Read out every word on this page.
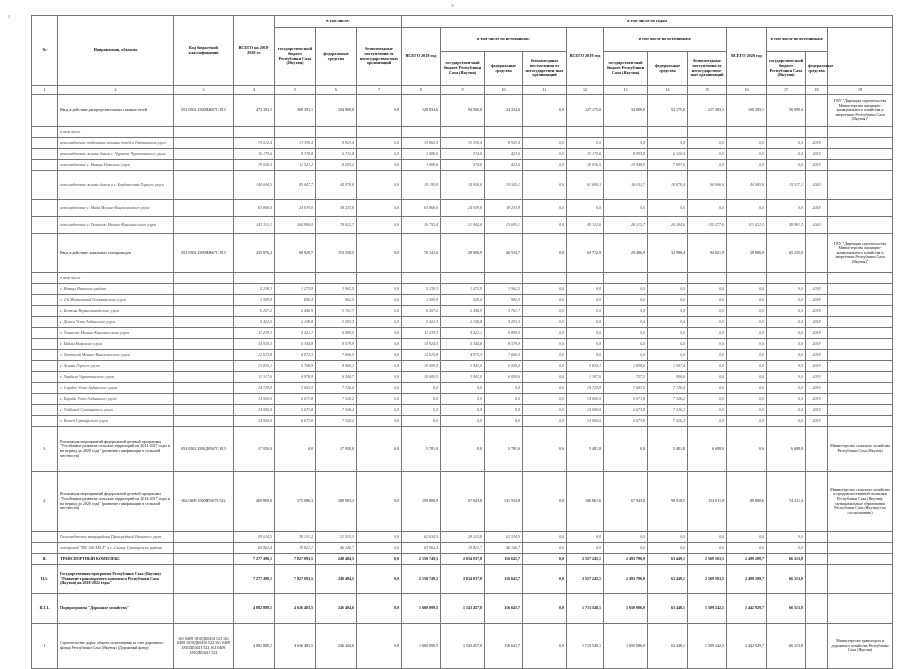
5
1
№	Направления, объекты	Код бюджетной классификации	ВСЕГО на 2018-2020 гг.	в том числе:			в том числе по годам		
				государствен-ный бюджет Республики Саха (Якутия)	федеральные средства	безвозмездные поступления от негосударствен-ных организаций	ВСЕГО 2018 год	в том числе по источникам:			ВСЕГО 2019 год	в том числе по источникам:			ВСЕГО 2020 год	в том числе по источникам:			
								государствен-ный бюджет Республики Саха (Якутия)	федеральные средства	безвозмездные поступления от негосударствен-ных организаций		государствен-ный бюджет Республики Саха (Якутия)	федеральные средства	безвозмездные поступления от негосударствен-ных организаций		государствен-ный бюджет Республики Саха (Якутия)	федеральные средства		
1	2	3	4	5	6	7	8	9	10	11	12	13	14	15	16	17	18	19	
	Ввод в действие распределительных газовых сетей	052 0502 2500НЖ67С 813	473 393,1	369 393,1	104 000,0	0,0	128 834,6	94 500,0	34 334,6	0,0	127 175,0	34 000,0	53 175,0	217 383,5	160 393,1	56 990,4		ГКУ "Дирекция строительства Министерства жилищно-коммунального хозяйства и энергетики Республики Саха (Якутия)"	
	в том числе																		
	газоснабжение отдельных газовых сетей в Таттинском улусе		75 012,4	13 330,4	8 923,4	0,0	15 862,5	13 330,4	8 923,4	0,0	0,0	0,0	0,0	0,0	0,0	0,0	2018		
	газоснабжение жилых домов с. Чурапча Чурапчинского улуса		16 179,6	9 378,8	6 731,8	0,0	1 088,6	574,6	423,6	0,0	15 179,6	8 895,8	6 326,0	0,0	0,0	0,0	2019		
	газоснабжение с. Намцы Намского улуса		19 036,5	11 523,2	8 293,2	0,0	1 088,6	574,6	423,6	0,0	18 036,5	10 948,9	7 697,6	0,0	0,0	0,0	2019		
	газоснабжение жилых домов в с. Бердигестях Горного улуса		140 694,3	85 047,7	44 978,8	0,0	19 159,9	14 950,6	10 343,1	0,0	61 099,3	36 011,7	18 878,4	60 906,0	44 085,8	15 517,1	2020		
	газоснабжение с. Майя Мегино-Кангаласского улуса		63 868,0	24 639,8	38 253,8	0,0	63 868,0	24 639,8	38 253,8	0,0	0,0	0,0	0,0	0,0	0,0	0,0	2018		
	газоснабжение с. Тюнгюлю Мегино-Кангаласского улуса		243 311,1	164 990,0	78 921,7	0,0	16 755,4	21 942,0	15 693,1	0,0	49 312,6	28 215,7	20 294,6	135 277,6	113 412,3	48 981,3	2020		
	Ввод в действие локальных газопроводов	052 0502 2500НЖ67С 813	233 876,2	80 929,7	153 258,5	0,0	76 141,6	29 606,9	46 534,7	0,0	63 712,9	29 486,9	32 986,4	94 021,9	28 886,9	65 235,0		ГКУ "Дирекция строительства Министерства жилищно-коммунального хозяйства и энергетики Республики Саха (Якутия)"	
	в том числе																		
	с. Намцы Намского района		5 238,3	1 275,9	3 962,5	0,0	5 238,3	1 275,9	3 962,5	0,0	0,0	0,0	0,0	0,0	0,0	0,0	2018		
	с. 2-й Жемконский Олекминского улуса		1 509,9	856,4	962,5	0,0	1 509,9	626,4	983,5	0,0	0,0	0,0	0,0	0,0	0,0	0,0	2018		
	с. Бетюнь Верхневилюйского улуса		6 257,2	2 446,9	3 761,7	0,0	6 207,2	2 446,9	3 761,7	0,0	0,0	0,0	0,0	0,0	0,0	0,0	2018		
	с. Дюпся Усть-Алданского улуса		5 422,5	2 158,8	3 293,3	0,0	5 422,5	2 158,8	3 293,3	0,0	0,0	0,0	0,0	0,0	0,0	0,0	2018		
	с. Тюнгюлю Мегино-Кангаласского улуса		11 239,3	4 421,1	6 809,5	0,0	11 239,3	4 421,1	6 809,5	0,0	0,0	0,0	0,0	0,0	0,0	0,0	2018		
	с. Ыйыы Намского улуса		14 920,5	5 344,8	8 579,9	0,0	14 924,5	5 344,8	8 579,9	0,0	0,0	0,0	0,0	0,0	0,0	0,0	2018		
	с. Хаптагай Мегино-Кангаласского улуса		12 615,8	4 973,3	7 666,5	0,0	12 615,8	4 973,3	7 666,5	0,0	0,0	0,0	0,0	0,0	0,0	0,0	2018		
	с. Асыма Горного улуса		13 835,1	5 768,9	8 066,1	0,0	10 009,5	3 941,0	6 059,6	0,0	3 835,1	1 858,6	1 507,4	0,0	0,0	0,0	2019		
	с. Харбала Чурапчинского улуса		11 317,6	4 978,9	6 340,7	0,0	10 009,5	3 941,0	6 059,6	0,0	1 307,6	727,3	908,6	0,0	0,0	0,0	2019		
	с. Сырдах Усть-Алданского улуса		14 729,9	7 003,5	7 726,4	0,0	0,0	0,0	0,0	0,0	14 729,9	7 003,5	7 726,4	0,0	0,0	0,0	2019		
	с. Бярийа Усть-Алданского улуса		14 000,0	6 673,8	7 326,2	0,0	0,0	0,0	0,0	0,0	14 000,0	6 673,8	7 326,2	0,0	0,0	0,0	2019		
	с. Тойбохой Сунтарского улуса		14 000,0	6 673,8	7 326,2	0,0	0,0	0,0	0,0	0,0	14 000,0	6 673,8	7 326,2	0,0	0,0	0,0	2019		
	с. Кюкей Сунтарского улуса		14 000,0	6 673,8	7 326,2	0,0	0,0	0,0	0,0	0,0	14 000,0	6 673,8	7 326,2	0,0	0,0	0,0	2019		
3.	Реализация мероприятий федеральной целевой программы "Устойчивое развитие сельских территорий на 2014-2017 годы и на период до 2020 года" (развитие газификации в сельской местности)	054 0502 2500Д0567С 813	17 950,0	0,0	17 950,0	0,0	5 781,0	0,0	5 781,0	0,0	5 481,8	0,0	5 481,8	6 688,0	0,0	6 688,0		Министерство сельского хозяйства Республики Саха (Якутия)	
4.	Реализация мероприятий федеральной целевой программы "Устойчивое развитие сельских территорий на 2014-2017 годы и на период до 2020 года" (развитие газификации в сельской местности)	062 0409 2500Н5567S 522	469 869,0	175 086,3	288 983,3	0,0	199 880,9	67 943,8	131 553,8	0,0	186 861,6	67 943,8	98 918,5	154 611,8	89 880,6	74 411,4		Министерство сельского хозяйства и продовольственной политики Республики Саха (Якутия), муниципальные образования Республики Саха (Якутия) (по согласованию)	
	Газоснабжение микрорайона Пригородный Намского улуса		59 634,5	38 131,2	21 533,3	0,0	62 634,5	29 123,8	62 534,9	0,0	0,0	0,0	0,0	0,0	0,0	0,0			
	газопровод "ПК 108 АКСГ" в с. Сымах Сунтарского района		65 962,4	19 821,7	46 140,7	0,0	65 962,4	19 821,7	46 140,7	0,0	0,0	0,0	0,0	0,0	0,0	0,0			
II.	ТРАНСПОРТНЫЙ КОМПЛЕКС		7 277 490,1	7 027 093,5	248 484,5	0,0	2 150 749,5	2 034 037,8	116 641,7	0,0	2 557 245,1	2 493 796,0	63 449,1	2 569 503,5	2 499 289,7	66 313,8			
II.1.	Государственная программа Республики Саха (Якутия) "Развитие транспортного комплекса Республики Саха (Якутия) на 2018-2022 годы"		7 277 490,1	7 027 093,5	248 484,5	0,0	2 150 749,5	2 034 037,8	116 641,7	0,0	2 557 245,1	2 493 796,0	63 449,1	2 569 503,5	2 499 289,7	66 313,8			
II.1.1.	Подпрограмма "Дорожное хозяйство"		4 882 889,1	4 636 483,5	246 404,6	0,0	1 660 099,5	1 543 457,8	116 641,7	0,0	1 713 548,1	1 650 086,0	63 448,1	1 509 242,5	1 442 929,7	66 313,8			
1	Строительство дорог общего пользования за счет дорожного фонда Республики Саха (Якутия) (Дорожный фонд)	161 0409 1810ДБ0410 523 161 0409 1810ДБ0410 522 161 0409 1810ДБ0411 522 161 0409 1810ДБ0411 523	4 882 889,1	4 636 483,5	246 404,6	0,0	1 660 099,5	1 543 457,8	116 641,7	0,0	1 713 548,1	1 650 086,0	63 448,1	1 509 242,5	1 442 929,7	66 313,8		Министерство транспорта и дорожного хозяйства Республики Саха (Якутия)	
